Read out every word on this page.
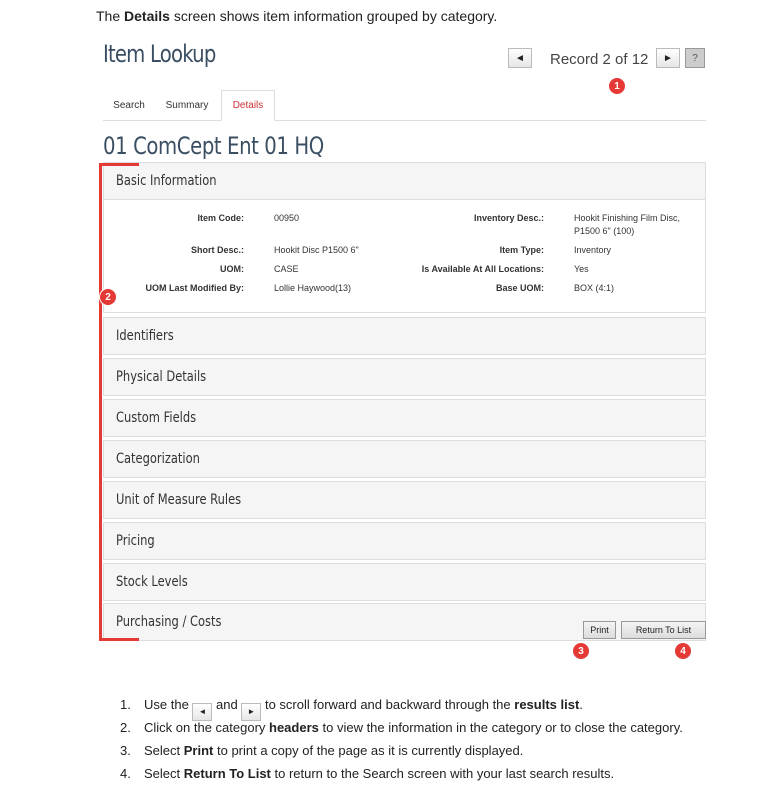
The Details screen shows item information grouped by category.
Item Lookup	◄	Record 2 of 12	►	?
Search	Summary	Details
01 ComCept Ent 01 HQ
Basic Information
Item Code:	00950
Short Desc.:	Hookit Disc P1500 6"
UOM:	CASE
UOM Last Modified By:	Lollie Haywood(13)
Inventory Desc.:	Hookit Finishing Film Disc, P1500 6" (100)
Item Type:	Inventory
Is Available At All Locations:	Yes
Base UOM:	BOX (4:1)
Identifiers
Physical Details
Custom Fields
Categorization
Unit of Measure Rules
Pricing
Stock Levels
Purchasing / Costs	Print	Return To List
1
2
3	4
1. Use the ◄ and ► to scroll forward and backward through the results list.
2. Click on the category headers to view the information in the category or to close the category.
3. Select Print to print a copy of the page as it is currently displayed.
4. Select Return To List to return to the Search screen with your last search results.
